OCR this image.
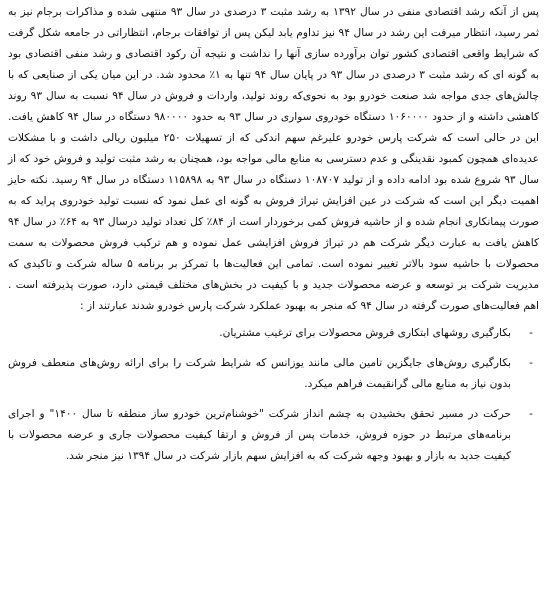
پس از آنکه رشد اقتصادی منفی در سال ۱۳۹۲ به رشد مثبت ۳ درصدی در سال ۹۳ منتهی شده و مذاکرات برجام نیز به ثمر رسید، انتظار میرفت این رشد در سال ۹۴ نیز تداوم یابد لیکن پس از توافقات برجام، انتظاراتی در جامعه شکل گرفت که شرایط واقعی اقتصادی کشور توان برآورده سازی آنها را نداشت و نتیجه آن رکود اقتصادی و رشد منفی اقتصادی بود به گونه ای که رشد مثبت ۳ درصدی در سال ۹۳ در پایان سال ۹۴ تنها به ۱٪ محدود شد. در این میان یکی از صنایعی که با چالش‌های جدی مواجه شد صنعت خودرو بود به نحوی‌که روند تولید، واردات و فروش در سال ۹۴ نسبت به سال ۹۳ روند کاهشی داشته و از حدود ۱۰۶۰۰۰۰ دستگاه خودروی سواری در سال ۹۳ به حدود ۹۸۰۰۰۰ دستگاه در سال ۹۴ کاهش یافت. این در حالی است که شرکت پارس خودرو علیرغم سهم اندکی که از تسهیلات ۲۵۰ میلیون ریالی داشت و با مشکلات عدیده‌ای همچون کمبود نقدینگی و عدم دسترسی به منابع مالی مواجه بود، همچنان به رشد مثبت تولید و فروش خود که از سال ۹۳ شروع شده بود ادامه داده و از تولید ۱۰۸۷۰۷ دستگاه در سال ۹۳ به ۱۱۵۸۹۸ دستگاه در سال ۹۴ رسید. نکته حایز اهمیت دیگر این است که شرکت در عین افزایش تیراژ فروش به گونه ای عمل نمود که نسبت تولید خودروی پراید که به صورت پیمانکاری انجام شده و از حاشیه فروش کمی برخوردار است از ۸۴٪ کل تعداد تولید درسال ۹۳ به ۶۴٪ در سال ۹۴ کاهش یافت به عبارت دیگر شرکت هم در تیراژ فروش افزایشی عمل نموده و هم ترکیب فروش محصولات به سمت محصولات با حاشیه سود بالاتر تغییر نموده است. تمامی این فعالیت‌ها با تمرکز بر برنامه ۵ ساله شرکت و تاکیدی که مدیریت شرکت بر توسعه و عرضه محصولات جدید و با کیفیت در بخش‌های مختلف قیمتی دارد، صورت پذیرفته است . اهم فعالیت‌های صورت گرفته در سال ۹۴ که منجر به بهبود عملکرد شرکت پارس خودرو شدند عبارتند از :

-
بکارگیری روشهای ابتکاری فروش محصولات برای ترغیب مشتریان.
-
بکارگیری روش‌های جایگزین تامین مالی مانند یوزانس که شرایط شرکت را برای ارائه روش‌های منعطف فروش بدون نیاز به منابع مالی گرانقیمت فراهم میکرد.
-
حرکت در مسیر تحقق بخشیدن به چشم انداز شرکت "خوشنام‌ترین خودرو ساز منطقه تا سال ۱۴۰۰" و اجرای برنامه‌های مرتبط در حوزه فروش، خدمات پس از فروش و ارتقا کیفیت محصولات جاری و عرضه محصولات با کیفیت جدید به بازار و بهبود وجهه شرکت که به افزایش سهم بازار شرکت در سال ۱۳۹۴ نیز منجر شد.
